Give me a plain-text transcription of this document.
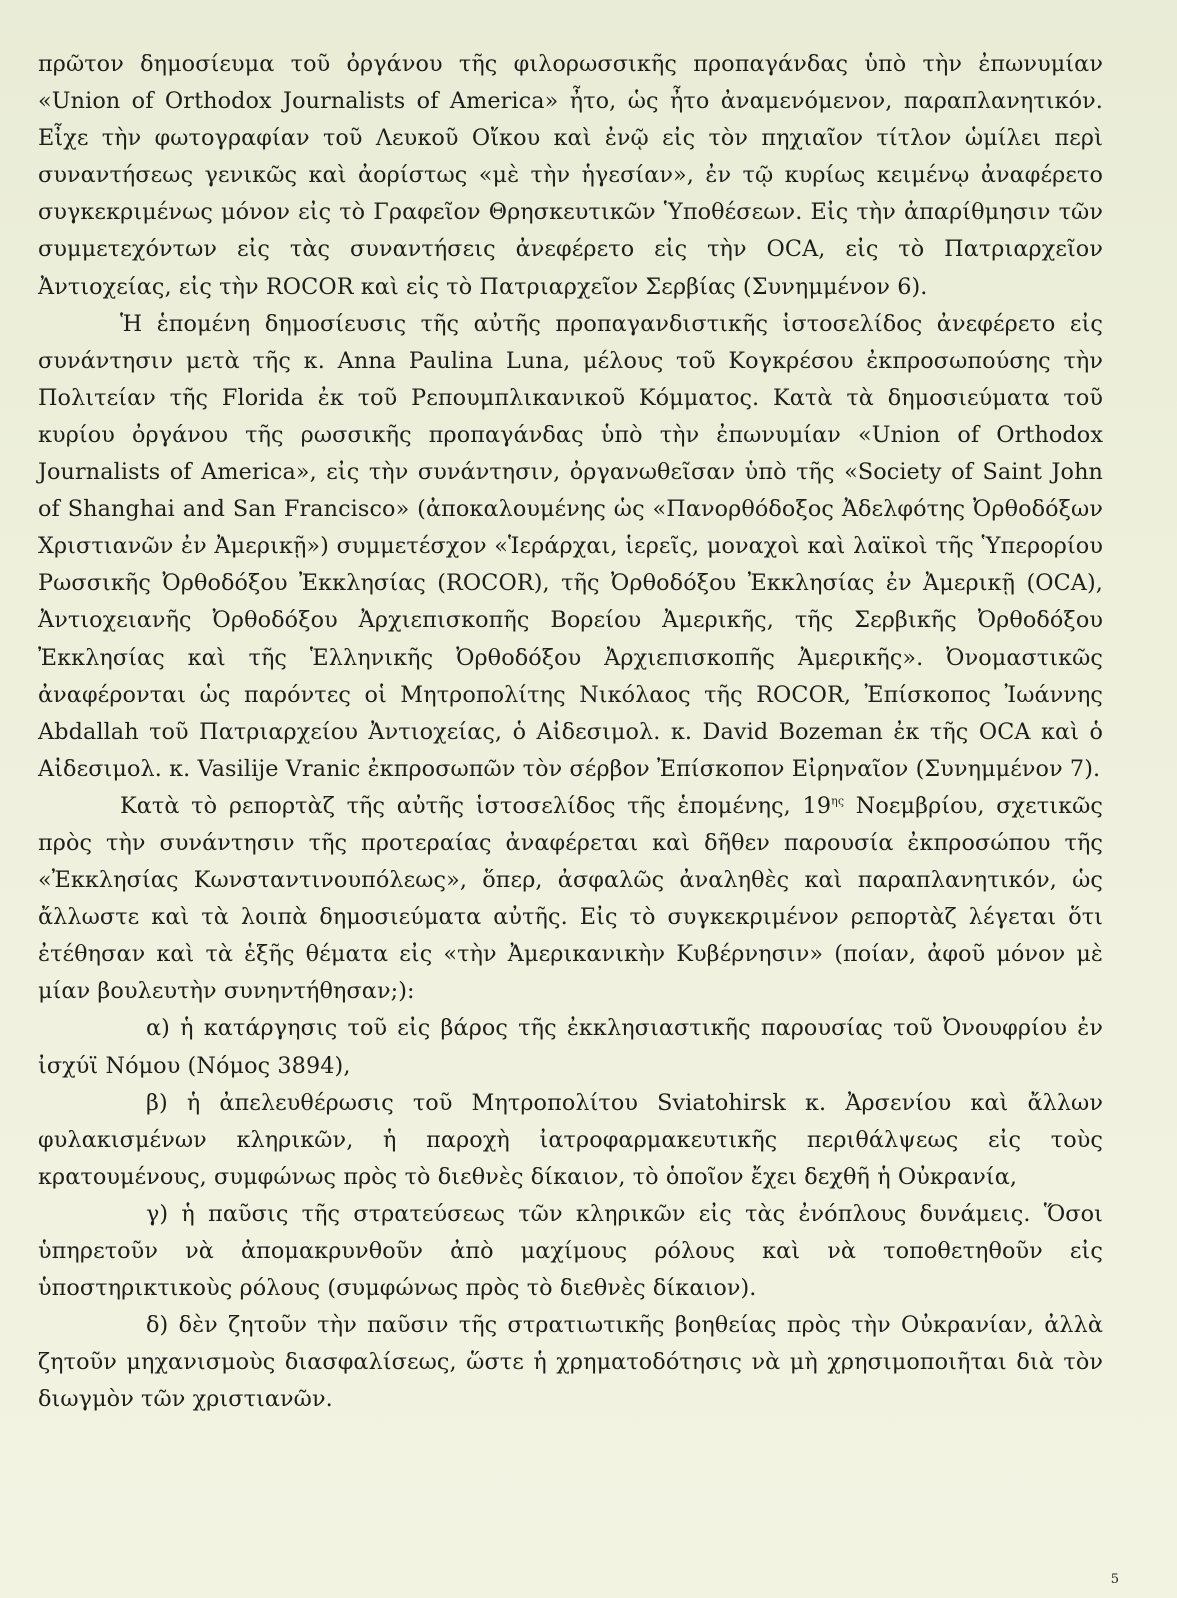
πρῶτον δημοσίευμα τοῦ ὀργάνου τῆς φιλορωσσικῆς προπαγάνδας ὑπὸ τὴν ἐπωνυμίαν «Union of Orthodox Journalists of America» ἦτο, ὡς ἦτο ἀναμενόμενον, παραπλανητικόν. Εἶχε τὴν φωτογραφίαν τοῦ Λευκοῦ Οἴκου καὶ ἐνῷ εἰς τὸν πηχιαῖον τίτλον ὡμίλει περὶ συναντήσεως γενικῶς καὶ ἀορίστως «μὲ τὴν ἡγεσίαν», ἐν τῷ κυρίως κειμένῳ ἀναφέρετο συγκεκριμένως μόνον εἰς τὸ Γραφεῖον Θρησκευτικῶν Ὑποθέσεων. Εἰς τὴν ἀπαρίθμησιν τῶν συμμετεχόντων εἰς τὰς συναντήσεις ἀνεφέρετο εἰς τὴν OCA, εἰς τὸ Πατριαρχεῖον Ἀντιοχείας, εἰς τὴν ROCOR καὶ εἰς τὸ Πατριαρχεῖον Σερβίας (Συνημμένον 6).

Ἡ ἑπομένη δημοσίευσις τῆς αὐτῆς προπαγανδιστικῆς ἱστοσελίδος ἀνεφέρετο εἰς συνάντησιν μετὰ τῆς κ. Anna Paulina Luna, μέλους τοῦ Κογκρέσου ἐκπροσωπούσης τὴν Πολιτείαν τῆς Florida ἐκ τοῦ Ρεπουμπλικανικοῦ Κόμματος. Κατὰ τὰ δημοσιεύματα τοῦ κυρίου ὀργάνου τῆς ρωσσικῆς προπαγάνδας ὑπὸ τὴν ἐπωνυμίαν «Union of Orthodox Journalists of America», εἰς τὴν συνάντησιν, ὀργανωθεῖσαν ὑπὸ τῆς «Society of Saint John of Shanghai and San Francisco» (ἀποκαλουμένης ὡς «Πανορθόδοξος Ἀδελφότης Ὀρθοδόξων Χριστιανῶν ἐν Ἀμερικῇ») συμμετέσχον «Ἱεράρχαι, ἱερεῖς, μοναχοὶ καὶ λαϊκοὶ τῆς Ὑπερορίου Ρωσσικῆς Ὀρθοδόξου Ἐκκλησίας (ROCOR), τῆς Ὀρθοδόξου Ἐκκλησίας ἐν Ἀμερικῇ (OCA), Ἀντιοχειανῆς Ὀρθοδόξου Ἀρχιεπισκοπῆς Βορείου Ἀμερικῆς, τῆς Σερβικῆς Ὀρθοδόξου Ἐκκλησίας καὶ τῆς Ἑλληνικῆς Ὀρθοδόξου Ἀρχιεπισκοπῆς Ἀμερικῆς». Ὀνομαστικῶς ἀναφέρονται ὡς παρόντες οἱ Μητροπολίτης Νικόλαος τῆς ROCOR, Ἐπίσκοπος Ἰωάννης Abdallah τοῦ Πατριαρχείου Ἀντιοχείας, ὁ Αἰδεσιμολ. κ. David Bozeman ἐκ τῆς OCA καὶ ὁ Αἰδεσιμολ. κ. Vasilije Vranic ἐκπροσωπῶν τὸν σέρβον Ἐπίσκοπον Εἰρηναῖον (Συνημμένον 7).

Κατὰ τὸ ρεπορτὰζ τῆς αὐτῆς ἱστοσελίδος τῆς ἑπομένης, $19^{\eta\varsigma}$ Νοεμβρίου, σχετικῶς πρὸς τὴν συνάντησιν τῆς προτεραίας ἀναφέρεται καὶ δῆθεν παρουσία ἐκπροσώπου τῆς «Ἐκκλησίας Κωνσταντινουπόλεως», ὅπερ, ἀσφαλῶς ἀναληθὲς καὶ παραπλανητικόν, ὡς ἄλλωστε καὶ τὰ λοιπὰ δημοσιεύματα αὐτῆς. Εἰς τὸ συγκεκριμένον ρεπορτὰζ λέγεται ὅτι ἐτέθησαν καὶ τὰ ἑξῆς θέματα εἰς «τὴν Ἀμερικανικὴν Κυβέρνησιν» (ποίαν, ἀφοῦ μόνον μὲ μίαν βουλευτὴν συνηντήθησαν;):

α) ἡ κατάργησις τοῦ εἰς βάρος τῆς ἐκκλησιαστικῆς παρουσίας τοῦ Ὀνουφρίου ἐν ἰσχύϊ Νόμου (Νόμος 3894),

β) ἡ ἀπελευθέρωσις τοῦ Μητροπολίτου Sviatohirsk κ. Ἀρσενίου καὶ ἄλλων φυλακισμένων κληρικῶν, ἡ παροχὴ ἰατροφαρμακευτικῆς περιθάλψεως εἰς τοὺς κρατουμένους, συμφώνως πρὸς τὸ διεθνὲς δίκαιον, τὸ ὁποῖον ἔχει δεχθῆ ἡ Οὐκρανία,

γ) ἡ παῦσις τῆς στρατεύσεως τῶν κληρικῶν εἰς τὰς ἐνόπλους δυνάμεις. Ὅσοι ὑπηρετοῦν νὰ ἀπομακρυνθοῦν ἀπὸ μαχίμους ρόλους καὶ νὰ τοποθετηθοῦν εἰς ὑποστηρικτικοὺς ρόλους (συμφώνως πρὸς τὸ διεθνὲς δίκαιον).

δ) δὲν ζητοῦν τὴν παῦσιν τῆς στρατιωτικῆς βοηθείας πρὸς τὴν Οὐκρανίαν, ἀλλὰ ζητοῦν μηχανισμοὺς διασφαλίσεως, ὥστε ἡ χρηματοδότησις νὰ μὴ χρησιμοποιῆται διὰ τὸν διωγμὸν τῶν χριστιανῶν.

5
